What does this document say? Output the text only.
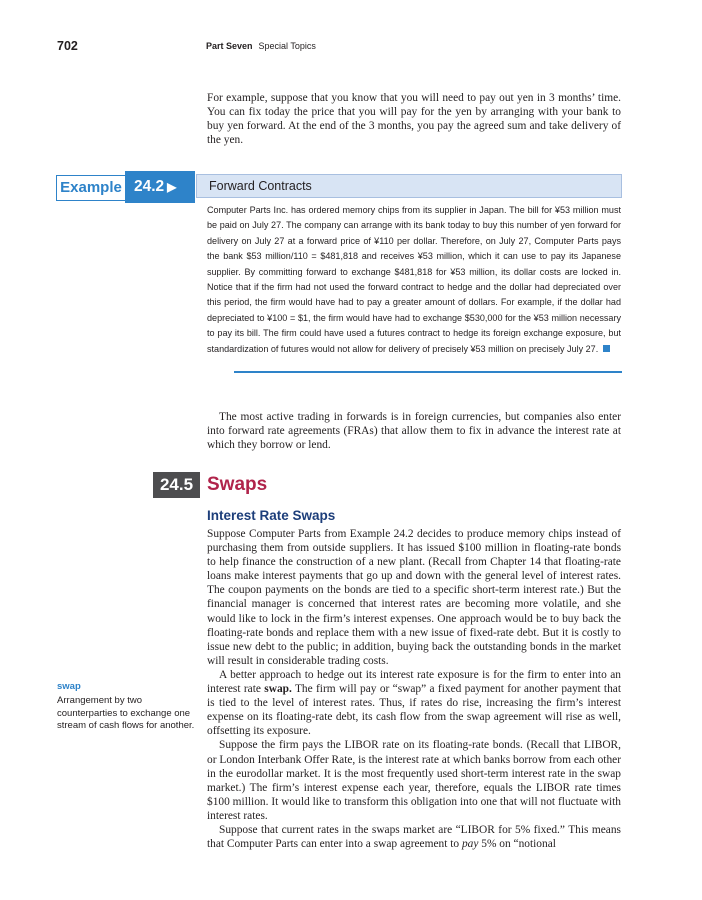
702	Part Seven Special Topics

For example, suppose that you know that you will need to pay out yen in 3 months’ time. You can fix today the price that you will pay for the yen by arranging with your bank to buy yen forward. At the end of the 3 months, you pay the agreed sum and take delivery of the yen.

Example 24.2 ▶	Forward Contracts

Computer Parts Inc. has ordered memory chips from its supplier in Japan. The bill for ¥53 million must be paid on July 27. The company can arrange with its bank today to buy this number of yen forward for delivery on July 27 at a forward price of ¥110 per dollar. Therefore, on July 27, Computer Parts pays the bank $53 million/110 = $481,818 and receives ¥53 million, which it can use to pay its Japanese supplier. By committing forward to exchange $481,818 for ¥53 million, its dollar costs are locked in. Notice that if the firm had not used the forward contract to hedge and the dollar had depreciated over this period, the firm would have had to pay a greater amount of dollars. For example, if the dollar had depreciated to ¥100 = $1, the firm would have had to exchange $530,000 for the ¥53 million necessary to pay its bill. The firm could have used a futures contract to hedge its foreign exchange exposure, but standardization of futures would not allow for delivery of precisely ¥53 million on precisely July 27.

The most active trading in forwards is in foreign currencies, but companies also enter into forward rate agreements (FRAs) that allow them to fix in advance the interest rate at which they borrow or lend.

24.5 Swaps
Interest Rate Swaps

Suppose Computer Parts from Example 24.2 decides to produce memory chips instead of purchasing them from outside suppliers. It has issued $100 million in floating-rate bonds to help finance the construction of a new plant. (Recall from Chapter 14 that floating-rate loans make interest payments that go up and down with the general level of interest rates. The coupon payments on the bonds are tied to a specific short-term interest rate.) But the financial manager is concerned that interest rates are becoming more volatile, and she would like to lock in the firm’s interest expenses. One approach would be to buy back the floating-rate bonds and replace them with a new issue of fixed-rate debt. But it is costly to issue new debt to the public; in addition, buying back the outstanding bonds in the market will result in considerable trading costs.

A better approach to hedge out its interest rate exposure is for the firm to enter into an interest rate swap. The firm will pay or “swap” a fixed payment for another payment that is tied to the level of interest rates. Thus, if rates do rise, increasing the firm’s interest expense on its floating-rate debt, its cash flow from the swap agreement will rise as well, offsetting its exposure.

Suppose the firm pays the LIBOR rate on its floating-rate bonds. (Recall that LIBOR, or London Interbank Offer Rate, is the interest rate at which banks borrow from each other in the eurodollar market. It is the most frequently used short-term interest rate in the swap market.) The firm’s interest expense each year, therefore, equals the LIBOR rate times $100 million. It would like to transform this obligation into one that will not fluctuate with interest rates.

Suppose that current rates in the swaps market are “LIBOR for 5% fixed.” This means that Computer Parts can enter into a swap agreement to pay 5% on “notional

swap
Arrangement by two counterparties to exchange one stream of cash flows for another.
